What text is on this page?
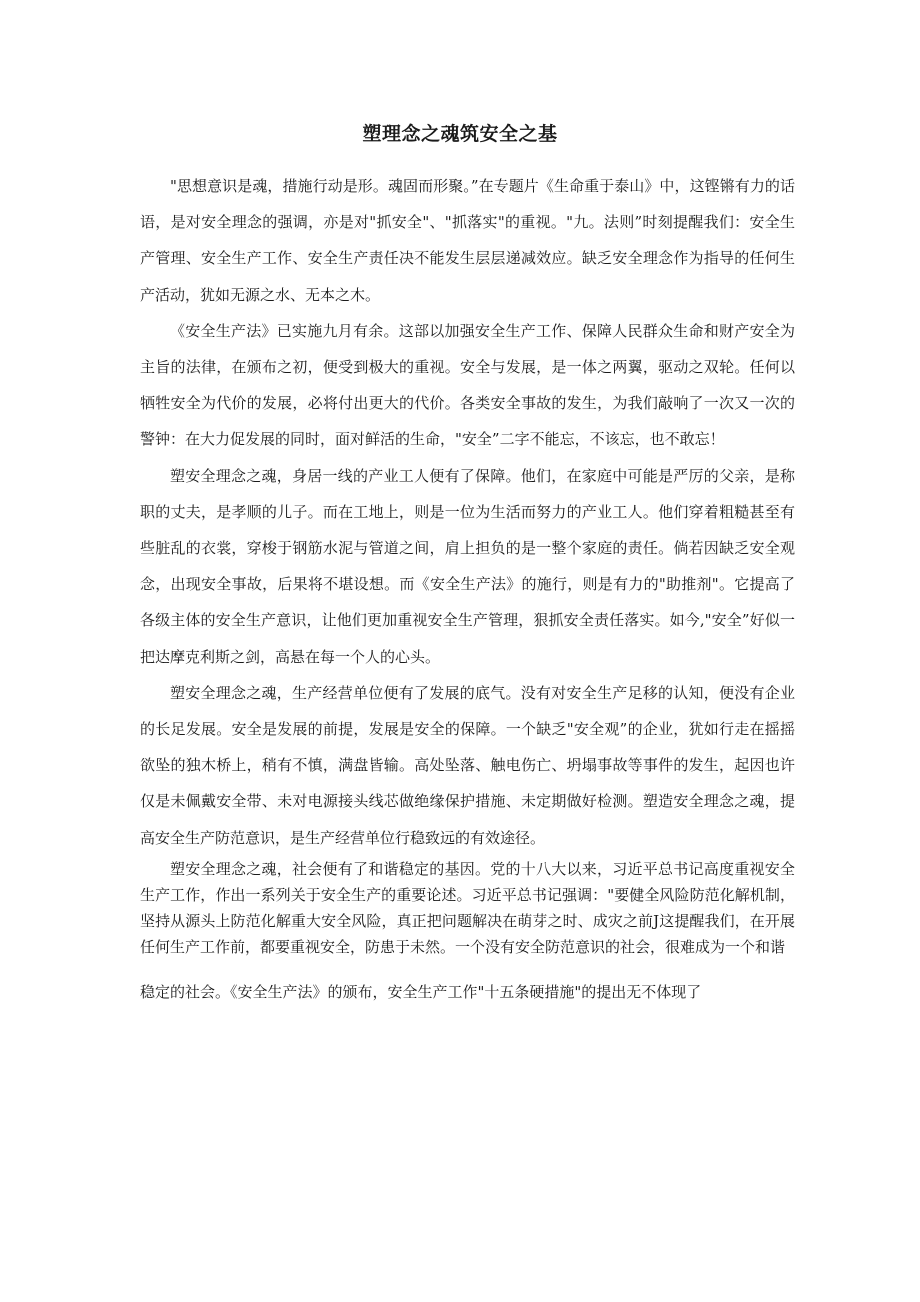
塑理念之魂筑安全之基

"思想意识是魂，措施行动是形。魂固而形聚。”在专题片《生命重于泰山》中，这铿锵有力的话语，是对安全理念的强调，亦是对"抓安全"、"抓落实"的重视。"九。法则”时刻提醒我们：安全生产管理、安全生产工作、安全生产责任决不能发生层层递减效应。缺乏安全理念作为指导的任何生产活动，犹如无源之水、无本之木。

《安全生产法》已实施九月有余。这部以加强安全生产工作、保障人民群众生命和财产安全为主旨的法律，在颁布之初，便受到极大的重视。安全与发展，是一体之两翼，驱动之双轮。任何以牺牲安全为代价的发展，必将付出更大的代价。各类安全事故的发生，为我们敲响了一次又一次的警钟：在大力促发展的同时，面对鲜活的生命，"安全”二字不能忘，不该忘，也不敢忘！

塑安全理念之魂，身居一线的产业工人便有了保障。他们，在家庭中可能是严厉的父亲，是称职的丈夫，是孝顺的儿子。而在工地上，则是一位为生活而努力的产业工人。他们穿着粗糙甚至有些脏乱的衣裳，穿梭于钢筋水泥与管道之间，肩上担负的是一整个家庭的责任。倘若因缺乏安全观念，出现安全事故，后果将不堪设想。而《安全生产法》的施行，则是有力的"助推剂"。它提高了各级主体的安全生产意识，让他们更加重视安全生产管理，狠抓安全责任落实。如今,"安全”好似一把达摩克利斯之剑，高悬在每一个人的心头。

塑安全理念之魂，生产经营单位便有了发展的底气。没有对安全生产足移的认知，便没有企业的长足发展。安全是发展的前提，发展是安全的保障。一个缺乏"安全观”的企业，犹如行走在摇摇欲坠的独木桥上，稍有不慎，满盘皆输。高处坠落、触电伤亡、坍塌事故等事件的发生，起因也许仅是未佩戴安全带、未对电源接头线芯做绝缘保护措施、未定期做好检测。塑造安全理念之魂，提高安全生产防范意识，是生产经营单位行稳致远的有效途径。

塑安全理念之魂，社会便有了和谐稳定的基因。党的十八大以来，习近平总书记高度重视安全生产工作，作出一系列关于安全生产的重要论述。习近平总书记强调："要健全风险防范化解机制，坚持从源头上防范化解重大安全风险，真正把问题解决在萌芽之时、成灾之前J这提醒我们，在开展任何生产工作前，都要重视安全，防患于未然。一个没有安全防范意识的社会，很难成为一个和谐

稳定的社会。《安全生产法》的颁布，安全生产工作"十五条硬措施"的提出无不体现了
